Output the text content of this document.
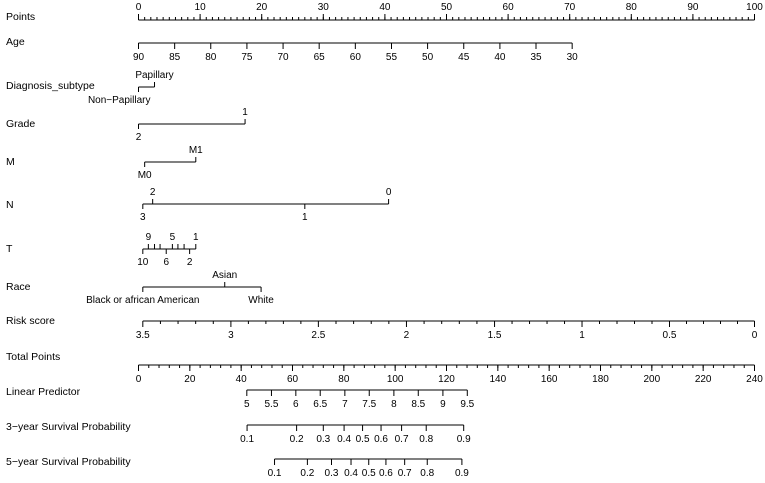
Points
0	10	20	30	40	50	60	70	80	90	100
Age
90	85 80	75	70 65	60	55 50	45	40 35	30
Diagnosis_subtype
Papillary
Non−Papillary
Grade
1
2
M
M1
M0
N
2	0
3	1
T
9 5 1
10 6 2
Race
Asian
Black or african American	White
Risk score
3.5	3	2.5	2	1.5	1	0.5	0
Total Points
0	20	40	60	80	100	120	140	160	180	200	220	240
Linear Predictor
5 5.5 6 6.5 7 7.5 8 8.5 9 9.5
3−year Survival Probability
0.1	0.2 0.3 0.4 0.5 0.6 0.7 0.8 0.9
5−year Survival Probability
0.1 0.2 0.3 0.4 0.5 0.6 0.7 0.8 0.9
